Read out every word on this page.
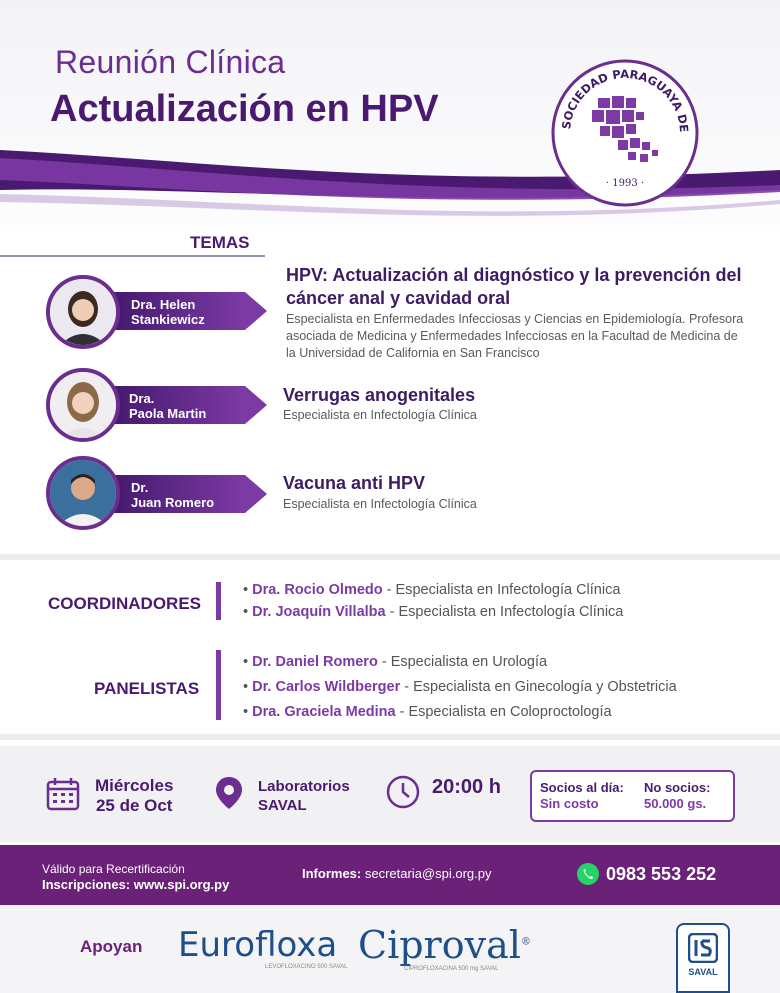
Reunión Clínica
Actualización en HPV	SOCIEDAD PARAGUAYA DE
· 1993 ·
TEMAS
Dra. Helen
Stankiewicz
HPV: Actualización al diagnóstico y la prevención del cáncer anal y cavidad oral
Especialista en Enfermedades Infecciosas y Ciencias en Epidemiología. Profesora asociada de Medicina y Enfermedades Infecciosas en la Facultad de Medicina de la Universidad de California en San Francisco
Dra.
Paola Martin
Verrugas anogenitales
Especialista en Infectología Clínica
Dr.
Juan Romero
Vacuna anti HPV
Especialista en Infectología Clínica
COORDINADORES
• Dra. Rocio Olmedo - Especialista en Infectología Clínica
• Dr. Joaquín Villalba - Especialista en Infectología Clínica
PANELISTAS
• Dr. Daniel Romero - Especialista en Urología
• Dr. Carlos Wildberger - Especialista en Ginecología y Obstetricia
• Dra. Graciela Medina - Especialista en Coloproctología
Miércoles
25 de Oct
Laboratorios
SAVAL
20:00 h	Socios al día:
Sin costo
No socios:
50.000 gs.
Válido para Recertificación
Inscripciones: www.spi.org.py
Informes: secretaria@spi.org.py	0983 553 252
Apoyan Eurofloxa
LEVOFLOXACINO 500 SAVAL Ciproval®
CIPROFLOXACINA 500 mg SAVAL	SAVAL
